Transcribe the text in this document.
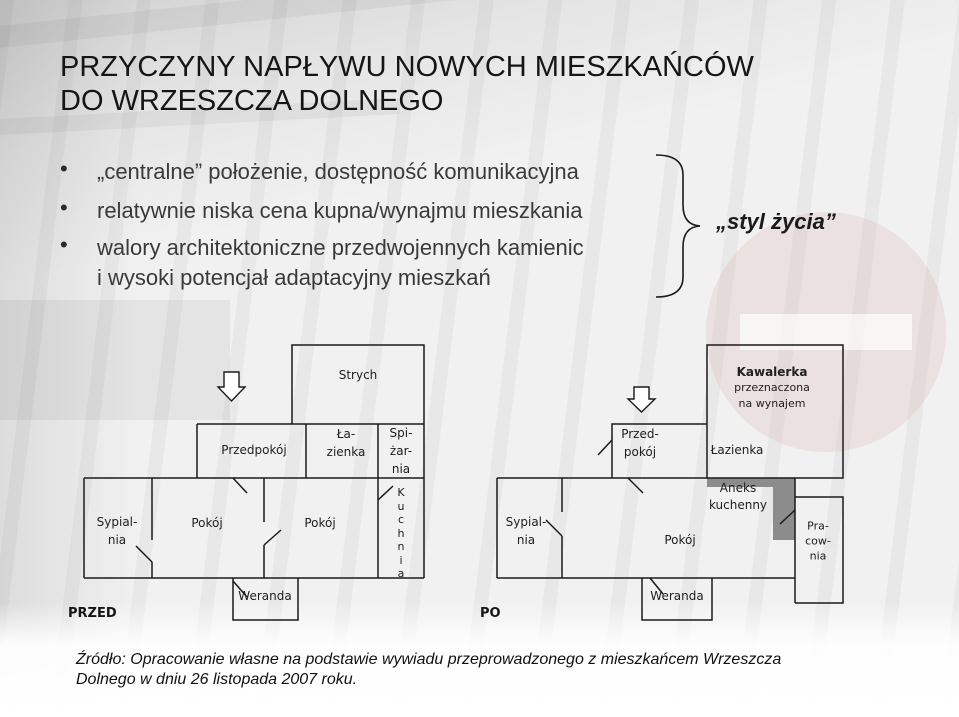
PRZYCZYNY NAPŁYWU NOWYCH MIESZKAŃCÓW
DO WRZESZCZA DOLNEGO
• „centralne” położenie, dostępność komunikacyjna
• relatywnie niska cena kupna/wynajmu mieszkania
• walory architektoniczne przedwojennych kamienic
i wysoki potencjał adaptacyjny mieszkań
„styl życia”
Strych
Przedpokój
Ła-
zienka
Spi-
żar-
nia
Sypial-
nia
Pokój	Pokój
K
u
c
h
n
i
a
Weranda
PRZED
Kawalerka
przeznaczona
na wynajem
Przed-
pokój	Łazienka
Sypial-
nia	Pokój
Aneks
kuchenny
Pra-
cow-
nia
Weranda
PO
Źródło: Opracowanie własne na podstawie wywiadu przeprowadzonego z mieszkańcem Wrzeszcza
Dolnego w dniu 26 listopada 2007 roku.
